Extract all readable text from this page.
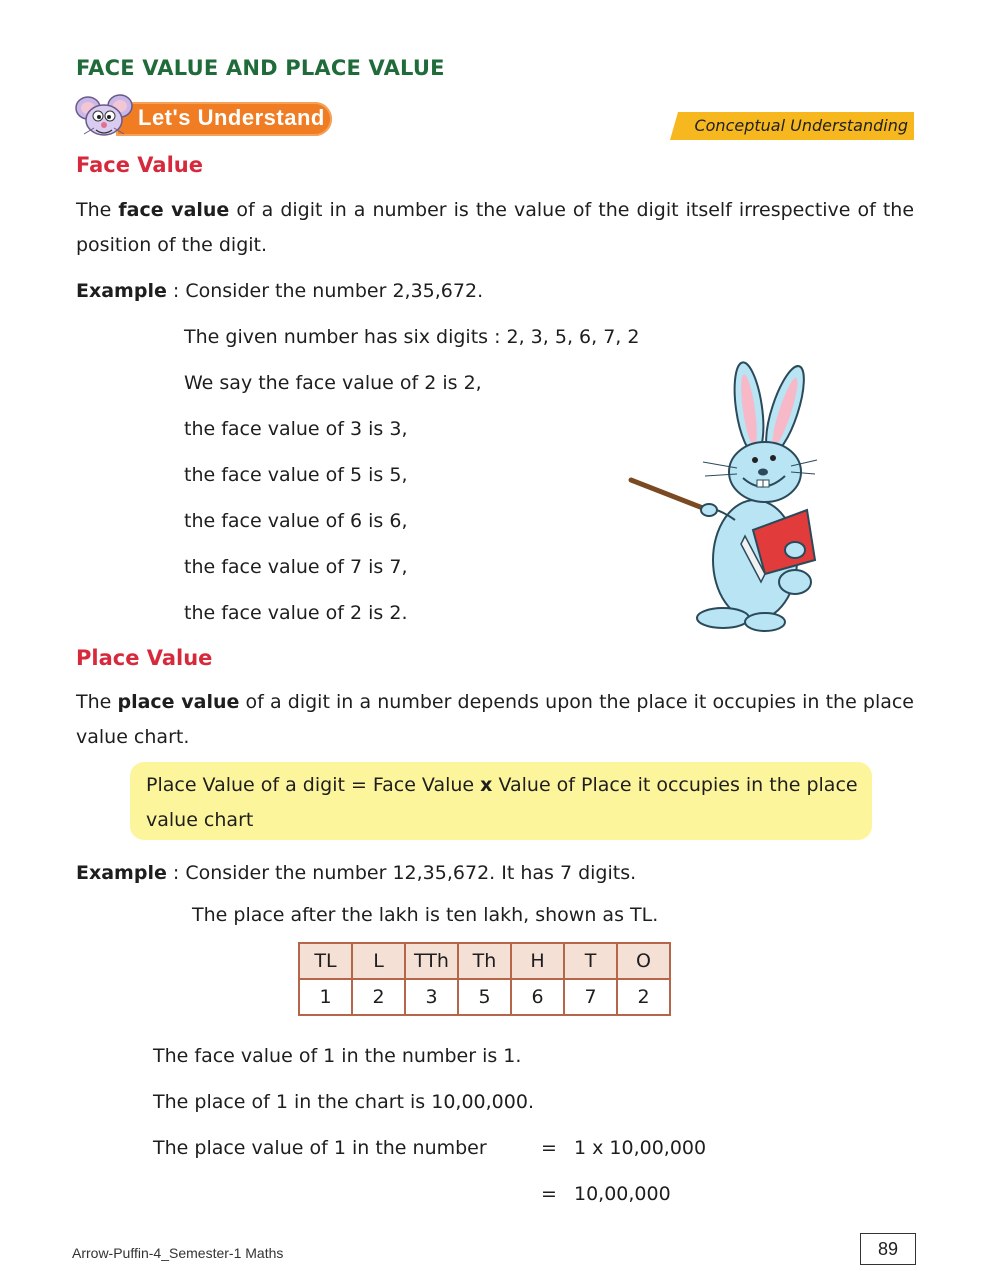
FACE VALUE AND PLACE VALUE
Let's Understand	Conceptual Understanding
Face Value
The face value of a digit in a number is the value of the digit itself irrespective of the position of the digit.
Example : Consider the number 2,35,672.
The given number has six digits : 2, 3, 5, 6, 7, 2
We say the face value of 2 is 2,
the face value of 3 is 3,
the face value of 5 is 5,
the face value of 6 is 6,
the face value of 7 is 7,
the face value of 2 is 2.
Place Value
The place value of a digit in a number depends upon the place it occupies in the place value chart.
Place Value of a digit = Face Value x Value of Place it occupies in the place value chart
Example : Consider the number 12,35,672. It has 7 digits.
The place after the lakh is ten lakh, shown as TL.
TL	L	TTh	Th	H	T	O
1	2	3	5	6	7	2
The face value of 1 in the number is 1.
The place of 1 in the chart is 10,00,000.
The place value of 1 in the number	= 1 x 10,00,000
= 10,00,000
Arrow-Puffin-4_Semester-1 Maths	89
